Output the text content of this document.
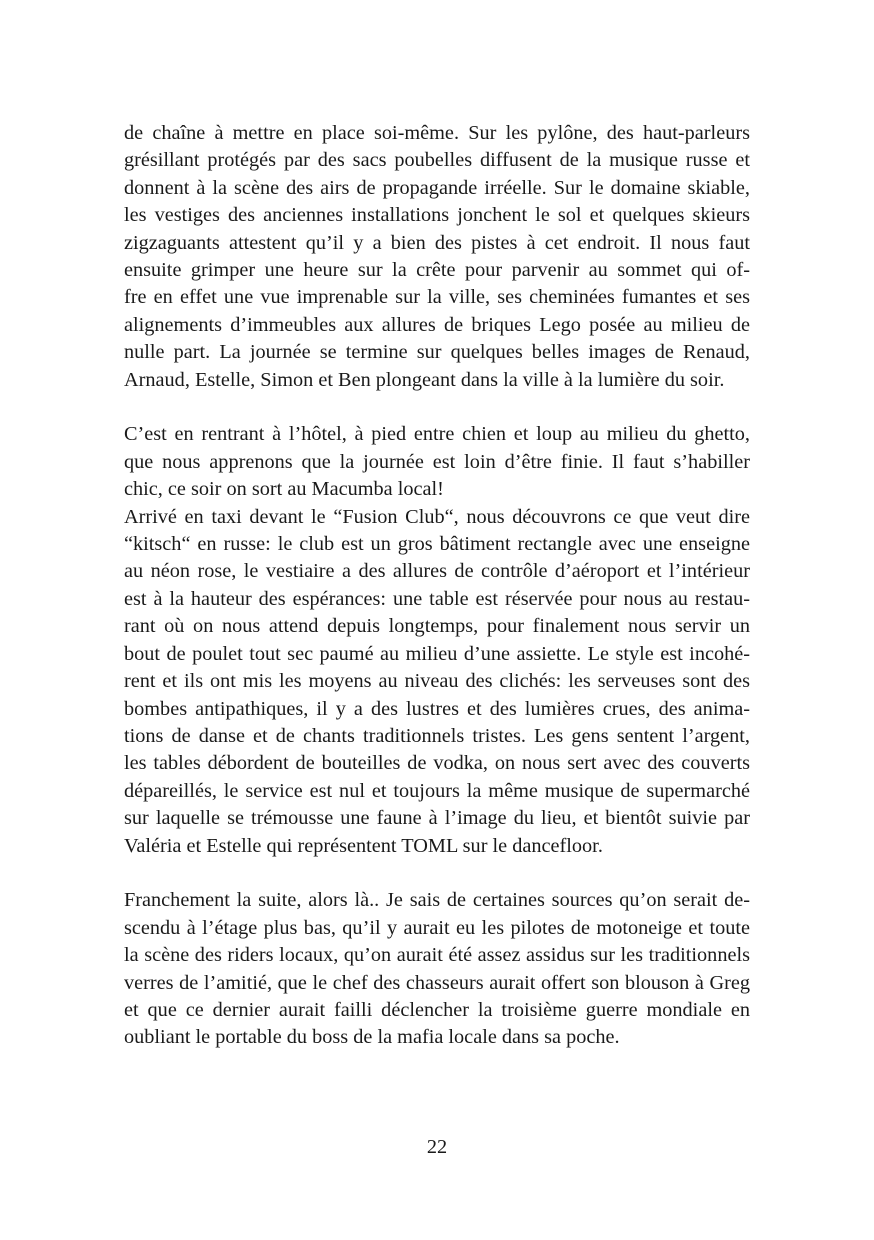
de chaîne à mettre en place soi-même. Sur les pylône, des haut-parleurs
grésillant protégés par des sacs poubelles diffusent de la musique russe et
donnent à la scène des airs de propagande irréelle. Sur le domaine skiable,
les vestiges des anciennes installations jonchent le sol et quelques skieurs
zigzaguants attestent qu’il y a bien des pistes à cet endroit. Il nous faut
ensuite grimper une heure sur la crête pour parvenir au sommet qui of-
fre en effet une vue imprenable sur la ville, ses cheminées fumantes et ses
alignements d’immeubles aux allures de briques Lego posée au milieu de
nulle part. La journée se termine sur quelques belles images de Renaud,
Arnaud, Estelle, Simon et Ben plongeant dans la ville à la lumière du soir.

C’est en rentrant à l’hôtel, à pied entre chien et loup au milieu du ghetto,
que nous apprenons que la journée est loin d’être finie. Il faut s’habiller
chic, ce soir on sort au Macumba local!

Arrivé en taxi devant le “Fusion Club“, nous découvrons ce que veut dire
“kitsch“ en russe: le club est un gros bâtiment rectangle avec une enseigne
au néon rose, le vestiaire a des allures de contrôle d’aéroport et l’intérieur
est à la hauteur des espérances: une table est réservée pour nous au restau-
rant où on nous attend depuis longtemps, pour finalement nous servir un
bout de poulet tout sec paumé au milieu d’une assiette. Le style est incohé-
rent et ils ont mis les moyens au niveau des clichés: les serveuses sont des
bombes antipathiques, il y a des lustres et des lumières crues, des anima-
tions de danse et de chants traditionnels tristes. Les gens sentent l’argent,
les tables débordent de bouteilles de vodka, on nous sert avec des couverts
dépareillés, le service est nul et toujours la même musique de supermarché
sur laquelle se trémousse une faune à l’image du lieu, et bientôt suivie par
Valéria et Estelle qui représentent TOML sur le dancefloor.

Franchement la suite, alors là.. Je sais de certaines sources qu’on serait de-
scendu à l’étage plus bas, qu’il y aurait eu les pilotes de motoneige et toute
la scène des riders locaux, qu’on aurait été assez assidus sur les traditionnels
verres de l’amitié, que le chef des chasseurs aurait offert son blouson à Greg
et que ce dernier aurait failli déclencher la troisième guerre mondiale en
oubliant le portable du boss de la mafia locale dans sa poche.

22
